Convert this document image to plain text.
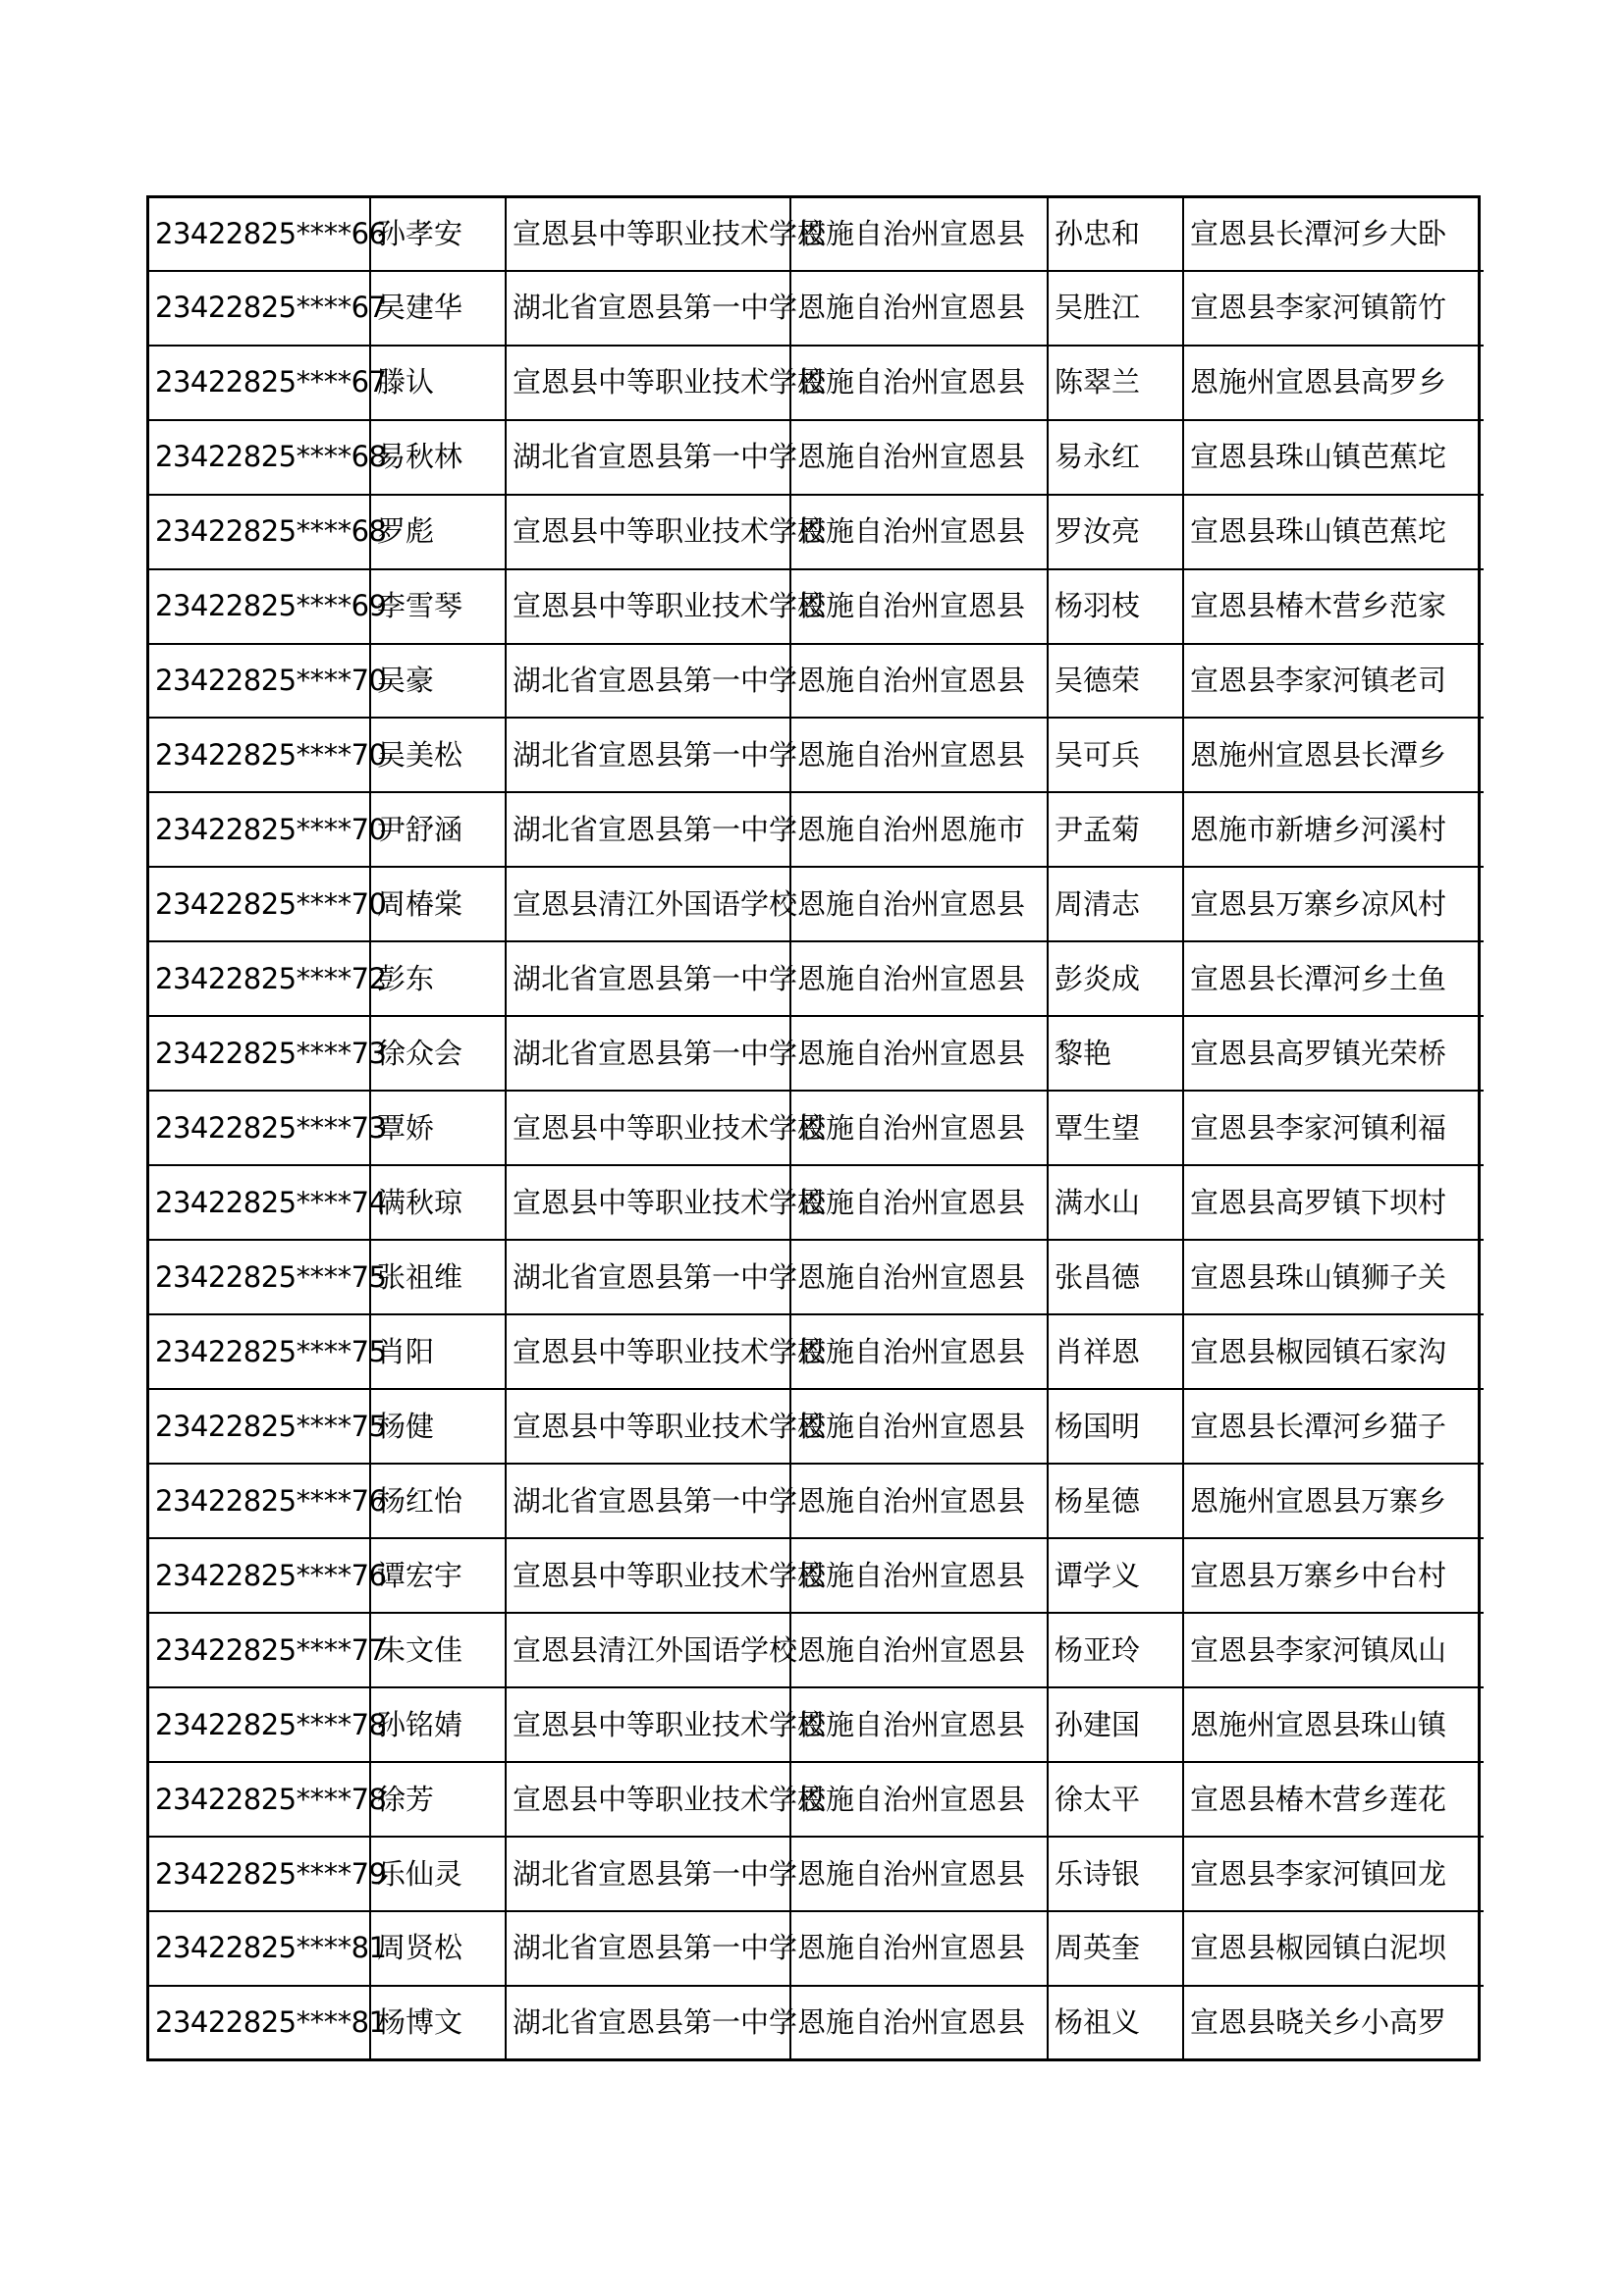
23422825****66	孙孝安	宣恩县中等职业技术学校	恩施自治州宣恩县	孙忠和	宣恩县长潭河乡大卧
23422825****67	吴建华	湖北省宣恩县第一中学	恩施自治州宣恩县	吴胜江	宣恩县李家河镇箭竹
23422825****67	滕认	宣恩县中等职业技术学校	恩施自治州宣恩县	陈翠兰	恩施州宣恩县高罗乡
23422825****68	易秋林	湖北省宣恩县第一中学	恩施自治州宣恩县	易永红	宣恩县珠山镇芭蕉坨
23422825****68	罗彪	宣恩县中等职业技术学校	恩施自治州宣恩县	罗汝亮	宣恩县珠山镇芭蕉坨
23422825****69	李雪琴	宣恩县中等职业技术学校	恩施自治州宣恩县	杨羽枝	宣恩县椿木营乡范家
23422825****70	吴豪	湖北省宣恩县第一中学	恩施自治州宣恩县	吴德荣	宣恩县李家河镇老司
23422825****70	吴美松	湖北省宣恩县第一中学	恩施自治州宣恩县	吴可兵	恩施州宣恩县长潭乡
23422825****70	尹舒涵	湖北省宣恩县第一中学	恩施自治州恩施市	尹孟菊	恩施市新塘乡河溪村
23422825****70	周椿棠	宣恩县清江外国语学校	恩施自治州宣恩县	周清志	宣恩县万寨乡凉风村
23422825****72	彭东	湖北省宣恩县第一中学	恩施自治州宣恩县	彭炎成	宣恩县长潭河乡土鱼
23422825****73	徐众会	湖北省宣恩县第一中学	恩施自治州宣恩县	黎艳	宣恩县高罗镇光荣桥
23422825****73	覃娇	宣恩县中等职业技术学校	恩施自治州宣恩县	覃生望	宣恩县李家河镇利福
23422825****74	满秋琼	宣恩县中等职业技术学校	恩施自治州宣恩县	满水山	宣恩县高罗镇下坝村
23422825****75	张祖维	湖北省宣恩县第一中学	恩施自治州宣恩县	张昌德	宣恩县珠山镇狮子关
23422825****75	肖阳	宣恩县中等职业技术学校	恩施自治州宣恩县	肖祥恩	宣恩县椒园镇石家沟
23422825****75	杨健	宣恩县中等职业技术学校	恩施自治州宣恩县	杨国明	宣恩县长潭河乡猫子
23422825****76	杨红怡	湖北省宣恩县第一中学	恩施自治州宣恩县	杨星德	恩施州宣恩县万寨乡
23422825****76	谭宏宇	宣恩县中等职业技术学校	恩施自治州宣恩县	谭学义	宣恩县万寨乡中台村
23422825****77	朱文佳	宣恩县清江外国语学校	恩施自治州宣恩县	杨亚玲	宣恩县李家河镇凤山
23422825****78	孙铭婧	宣恩县中等职业技术学校	恩施自治州宣恩县	孙建国	恩施州宣恩县珠山镇
23422825****78	徐芳	宣恩县中等职业技术学校	恩施自治州宣恩县	徐太平	宣恩县椿木营乡莲花
23422825****79	乐仙灵	湖北省宣恩县第一中学	恩施自治州宣恩县	乐诗银	宣恩县李家河镇回龙
23422825****81	周贤松	湖北省宣恩县第一中学	恩施自治州宣恩县	周英奎	宣恩县椒园镇白泥坝
23422825****81	杨博文	湖北省宣恩县第一中学	恩施自治州宣恩县	杨祖义	宣恩县晓关乡小高罗
